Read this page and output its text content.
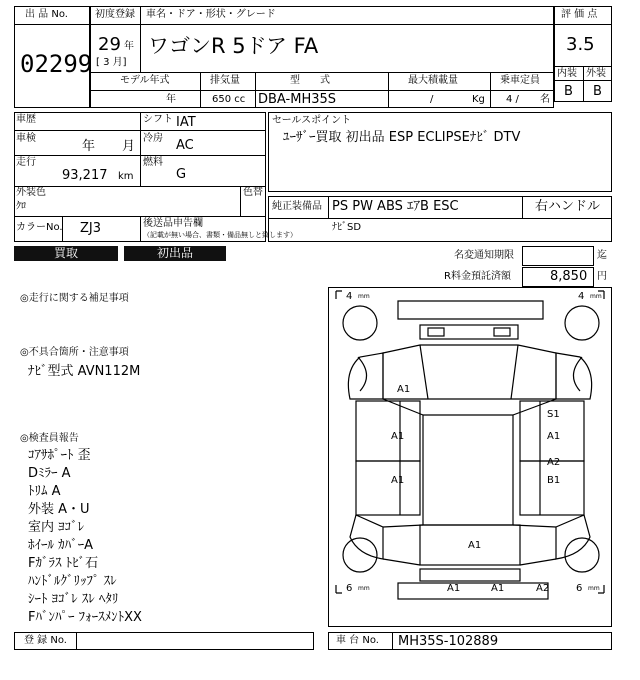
出 品 No.
02299
初度登録 車名・ドア・形状・グレード
29 年
[ 3 月]
ワゴンR 5ドア FA
モデル年式	排気量	型　　式	最大積載量	乗車定員
年	650 cc DBA-MH35S	/	Kg 4 / 名
評 価 点
3.5
内装 外装
B B
車歴	シフト IAT
車検
年 月
冷房 AC
走行
93,217 km
燃料
G
外装色
ｸﾛ
色替
カラーNo. ZJ3	後送品申告欄
（記載が無い場合、書類・備品無しと致します）
セールスポイント
ﾕｰｻﾞｰ買取 初出品 ESP ECLIPSEﾅﾋﾞ DTV
純正装備品 PS PW ABS ｴｱB ESC	右ハンドル
ﾅﾋﾞSD
買取	初出品	名変通知期限	迄
R料金預託済額	8,850 円
◎走行に関する補足事項
◎不具合箇所・注意事項
ﾅﾋﾞ型式 AVN112M
◎検査員報告
ｺｱｻﾎﾟｰﾄ 歪
Dﾐﾗｰ A
ﾄﾘﾑ A
外装 A・U
室内 ﾖｺﾞﾚ
ﾎｲｰﾙ ｶﾊﾞｰA
Fｶﾞﾗｽ ﾄﾋﾞ石
ﾊﾝﾄﾞﾙｸﾞﾘｯﾌﾟ ｽﾚ
ｼｰﾄ ﾖｺﾞﾚ ｽﾚ ﾍﾀﾘ
Fﾊﾞﾝﾊﾟｰ ﾌｫｰｽﾒﾝﾄXX
4 mm	4 mm
6 mm	6 mm
A1
A1
A1
S1
A1
A2
B1
A1
A1	A1	A2
登 録 No.	車 台 No. MH35S-102889
